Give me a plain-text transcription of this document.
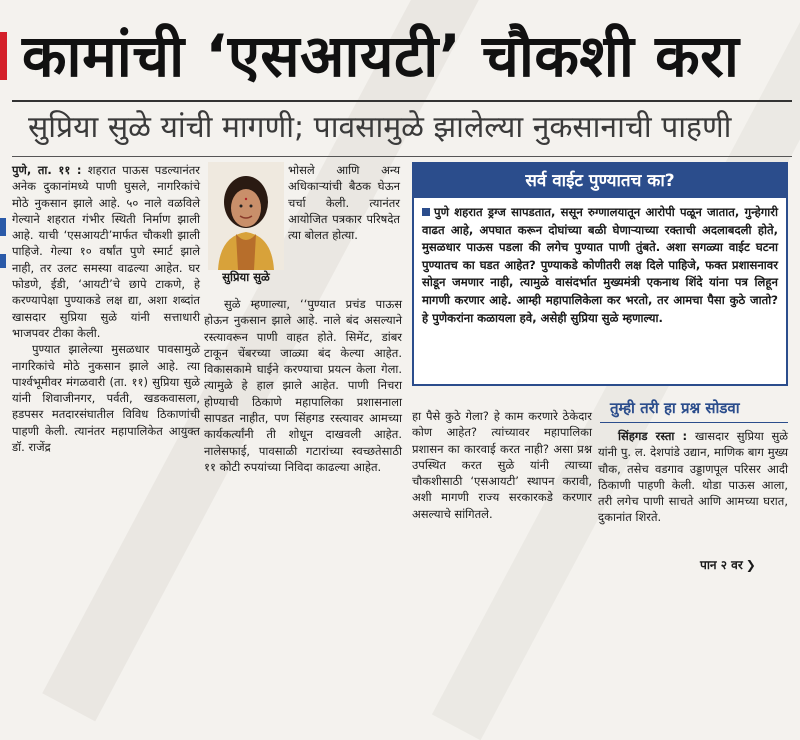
कामांची ‘एसआयटी’ चौकशी करा
सुप्रिया सुळे यांची मागणी; पावसामुळे झालेल्या नुकसानाची पाहणी

पुणे, ता. ११ : शहरात पाऊस पडल्यानंतर अनेक दुकानांमध्ये पाणी घुसले, नागरिकांचे मोठे नुकसान झाले आहे. ५० नाले वळविले गेल्याने शहरात गंभीर स्थिती निर्माण झाली आहे. याची ‘एसआयटी’मार्फत चौकशी झाली पाहिजे. गेल्या १० वर्षांत पुणे स्मार्ट झाले नाही, तर उलट समस्या वाढल्या आहेत. घर फोडणे, ईडी, ‘आयटी’चे छापे टाकणे, हे करण्यापेक्षा पुण्याकडे लक्ष द्या, अशा शब्दांत खासदार सुप्रिया सुळे यांनी सत्ताधारी भाजपवर टीका केली.

पुण्यात झालेल्या मुसळधार पावसामुळे नागरिकांचे मोठे नुकसान झाले आहे. त्या पार्श्वभूमीवर मंगळवारी (ता. ११) सुप्रिया सुळे यांनी शिवाजीनगर, पर्वती, खडकवासला, हडपसर मतदारसंघातील विविध ठिकाणांची पाहणी केली. त्यानंतर महापालिकेत आयुक्त डॉ. राजेंद्र

सुप्रिया सुळे

भोसले आणि अन्य अधिकाऱ्यांची बैठक घेऊन चर्चा केली. त्यानंतर आयोजित पत्रकार परिषदेत त्या बोलत होत्या.

सुळे म्हणाल्या, ‘‘पुण्यात प्रचंड पाऊस होऊन नुकसान झाले आहे. नाले बंद असल्याने रस्त्यावरून पाणी वाहत होते. सिमेंट, डांबर टाकून चेंबरच्या जाळ्या बंद केल्या आहेत. विकासकामे घाईने करण्याचा प्रयत्न केला गेला. त्यामुळे हे हाल झाले आहेत. पाणी निचरा होण्याची ठिकाणे महापालिका प्रशासनाला सापडत नाहीत, पण सिंहगड रस्त्यावर आमच्या कार्यकर्त्यांनी ती शोधून दाखवली आहेत. नालेसफाई, पावसाळी गटारांच्या स्वच्छतेसाठी ११ कोटी रुपयांच्या निविदा काढल्या आहेत.

सर्व वाईट पुण्यातच का?
पुणे शहरात ड्रग्ज सापडतात, ससून रुग्णालयातून आरोपी पळून जातात, गुन्हेगारी वाढत आहे, अपघात करून दोघांच्या बळी घेणाऱ्याच्या रक्ताची अदलाबदली होते, मुसळधार पाऊस पडला की लगेच पुण्यात पाणी तुंबते. अशा सगळ्या वाईट घटना पुण्यातच का घडत आहेत? पुण्याकडे कोणीतरी लक्ष दिले पाहिजे, फक्त प्रशासनावर सोडून जमणार नाही, त्यामुळे वासंदर्भात मुख्यमंत्री एकनाथ शिंदे यांना पत्र लिहून मागणी करणार आहे. आम्ही महापालिकेला कर भरतो, तर आमचा पैसा कुठे जातो? हे पुणेकरांना कळायला हवे, असेही सुप्रिया सुळे म्हणाल्या.

हा पैसे कुठे गेला? हे काम करणारे ठेकेदार कोण आहेत? त्यांच्यावर महापालिका प्रशासन का कारवाई करत नाही? असा प्रश्न उपस्थित करत सुळे यांनी त्याच्या चौकशीसाठी ‘एसआयटी’ स्थापन करावी, अशी मागणी राज्य सरकारकडे करणार असल्याचे सांगितले.

तुम्ही तरी हा प्रश्न सोडवा

सिंहगड रस्ता : खासदार सुप्रिया सुळे यांनी पु. ल. देशपांडे उद्यान, माणिक बाग मुख्य चौक, तसेच वडगाव उड्डाणपूल परिसर आदी ठिकाणी पाहणी केली. थोडा पाऊस आला, तरी लगेच पाणी साचते आणि आमच्या घरात, दुकानांत शिरते.

पान २ वर ❯
